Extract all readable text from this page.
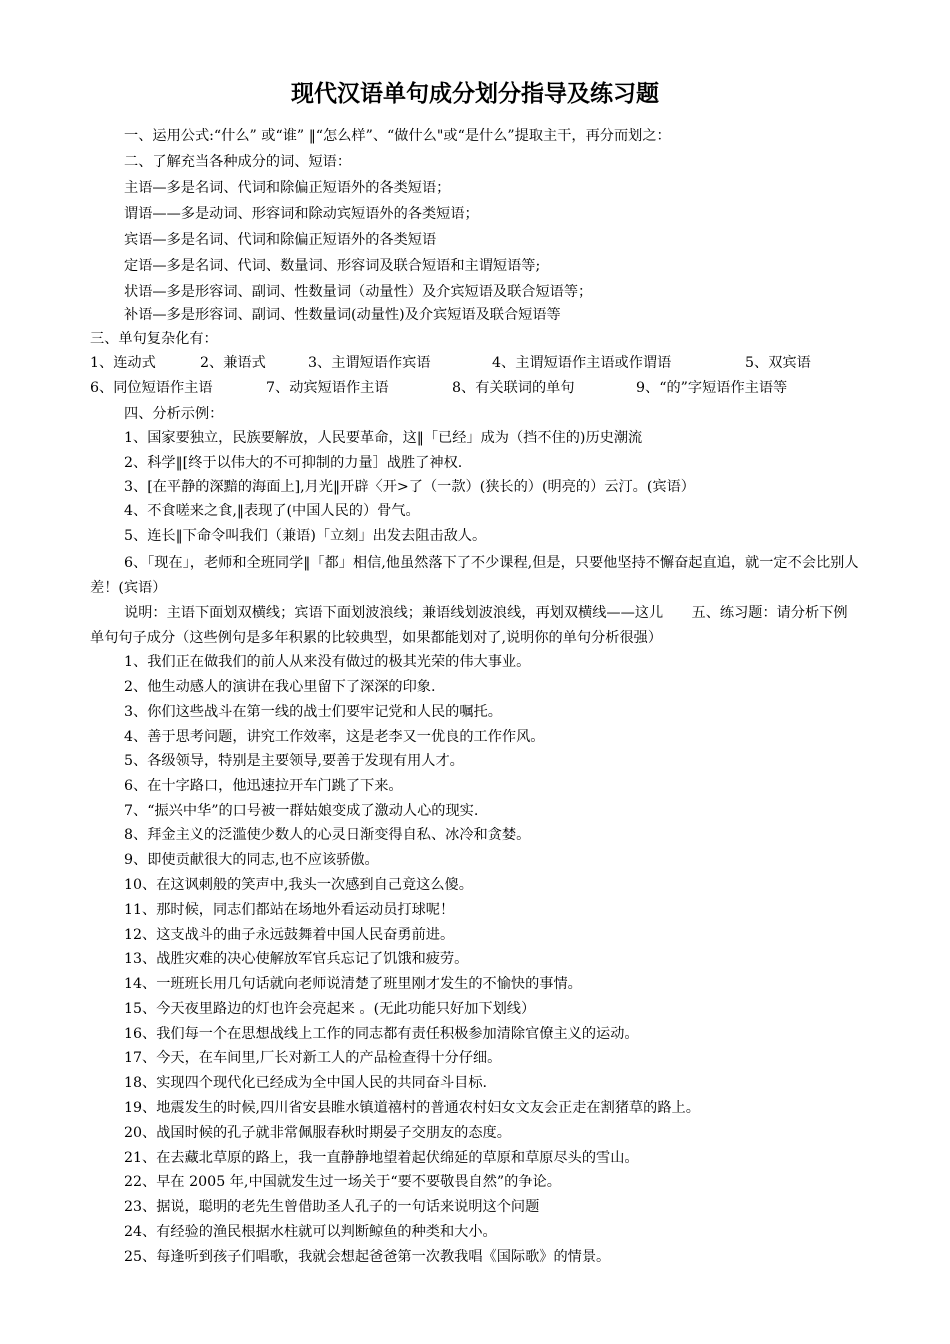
现代汉语单句成分划分指导及练习题
一、运用公式:“什么” 或“谁” ‖“怎么样”、“做什么"或“是什么”提取主干，再分而划之：
二、了解充当各种成分的词、短语：
主语—多是名词、代词和除偏正短语外的各类短语；
谓语——多是动词、形容词和除动宾短语外的各类短语；
宾语—多是名词、代词和除偏正短语外的各类短语
定语—多是名词、代词、数量词、形容词及联合短语和主谓短语等;
状语—多是形容词、副词、性数量词（动量性）及介宾短语及联合短语等；
补语—多是形容词、副词、性数量词(动量性)及介宾短语及联合短语等
三、单句复杂化有：
1、连动式	2、兼语式	3、主谓短语作宾语	4、主谓短语作主语或作谓语	5、双宾语
6、同位短语作主语	7、动宾短语作主语	8、有关联词的单句	9、“的”字短语作主语等
四、分析示例：
1、国家要独立，民族要解放，人民要革命，这‖「已经」成为（挡不住的)历史潮流
2、科学‖[终于以伟大的不可抑制的力量］战胜了神权.
3、[在平静的深黯的海面上],月光‖开辟〈开>了（一款）(狭长的）(明亮的）云汀。(宾语）
4、不食嗟来之食,‖表现了(中国人民的）骨气。
5、连长‖下命令叫我们（兼语)「立刻」出发去阻击敌人。
6、「现在」，老师和全班同学‖「都」相信,他虽然落下了不少课程,但是，只要他坚持不懈奋起直追，就一定不会比别人差！(宾语）
说明：主语下面划双横线；宾语下面划波浪线；兼语线划波浪线，再划双横线——这儿　　五、练习题：请分析下例单句句子成分（这些例句是多年积累的比较典型，如果都能划对了,说明你的单句分析很强）
1、我们正在做我们的前人从来没有做过的极其光荣的伟大事业。
2、他生动感人的演讲在我心里留下了深深的印象.
3、你们这些战斗在第一线的战士们要牢记党和人民的嘱托。
4、善于思考问题，讲究工作效率，这是老李又一优良的工作作风。
5、各级领导，特别是主要领导,要善于发现有用人才。
6、在十字路口，他迅速拉开车门跳了下来。
7、“振兴中华”的口号被一群姑娘变成了激动人心的现实.
8、拜金主义的泛滥使少数人的心灵日渐变得自私、冰冷和贪婪。
9、即使贡献很大的同志,也不应该骄傲。
10、在这讽刺般的笑声中,我头一次感到自己竟这么傻。
11、那时候，同志们都站在场地外看运动员打球呢！
12、这支战斗的曲子永远鼓舞着中国人民奋勇前进。
13、战胜灾难的决心使解放军官兵忘记了饥饿和疲劳。
14、一班班长用几句话就向老师说清楚了班里刚才发生的不愉快的事情。
15、今天夜里路边的灯也许会亮起来 。(无此功能只好加下划线）
16、我们每一个在思想战线上工作的同志都有责任积极参加清除官僚主义的运动。
17、今天，在车间里,厂长对新工人的产品检查得十分仔细。
18、实现四个现代化已经成为全中国人民的共同奋斗目标.
19、地震发生的时候,四川省安县睢水镇道禧村的普通农村妇女文友会正走在割猪草的路上。
20、战国时候的孔子就非常佩服春秋时期晏子交朋友的态度。
21、在去藏北草原的路上，我一直静静地望着起伏绵延的草原和草原尽头的雪山。
22、早在 2005 年,中国就发生过一场关于“要不要敬畏自然”的争论。
23、据说，聪明的老先生曾借助圣人孔子的一句话来说明这个问题
24、有经验的渔民根据水柱就可以判断鲸鱼的种类和大小。
25、每逢听到孩子们唱歌，我就会想起爸爸第一次教我唱《国际歌》的情景。
